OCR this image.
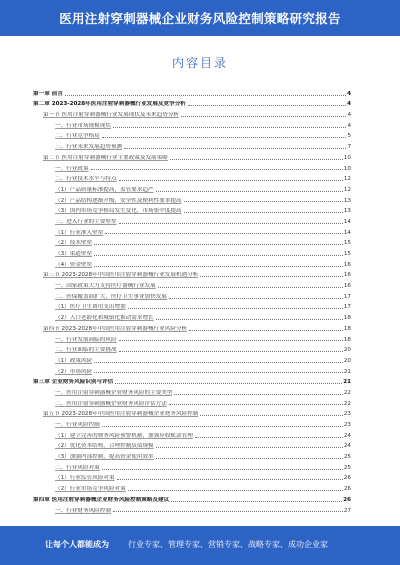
医用注射穿刺器械企业财务风险控制策略研究报告
内容目录
第一章 前言	4
第二章 2023-2028年医用注射穿刺器械行业发展及竞争分析	4
第一节 医用注射穿刺器械行业发展现状及未来趋势分析	4
一、行业市场规模现状	4
二、行业竞争格局	5
三、行业未来发展趋势预测	7
第二节 医用注射穿刺器械行业主要政策及发展策略	10
一、行业政策	10
二、行业技术水平与特点	12
（1）产品质量标准提高，监管要求趋严	12
（2）产品结构逐渐升级，安全性及便利性要求提高	13
（3）国内市场竞争格局发生变化，市场集中度提高	13
三、进入行业的主要壁垒	14
（1）行业准入壁垒	14
（2）技术壁垒	15
（3）渠道壁垒	15
（4）资金壁垒	16
第三节 2023-2028年中国医用注射穿刺器械行业发展机遇分析	16
一、国家政策大力支持医疗器械行业发展	16
二、医保覆盖面扩大，医疗卫生事业加快发展	17
（1）医疗卫生费用支出增加	17
（2）人口老龄化和城镇化推动需求增长	18
第四节 2023-2028年中国医用注射穿刺器械行业风险分析	18
一、行业发展面临的风险	18
二、行业面临的主要挑战	20
（1）政策风险	20
（2）市场风险	21
第三章 企业财务风险识别与评估	21
一、医用注射穿刺器械企业财务风险的主要类型	22
二、医用注射穿刺器械企业财务风险评估方法	22
第五节 2023-2028年中国医用注射穿刺器械企业财务风险控制	23
一、行业风险控制	23
（1）建立完善的财务风险预警机制，加强应收账款管理	24
（2）优化资本结构，合理控制负债规模	24
（3）加强内部控制，提高资金使用效率	25
二、行业风险对策	25
（1）行业监管风险对策	26
（2）行业市场竞争风险对策	26
第四章 医用注射穿刺器械企业财务风险控制策略及建议	26
一、行业财务风险控制	27
让每个人都能成为 行业专家、管理专家、营销专家、战略专家、成功企业家
